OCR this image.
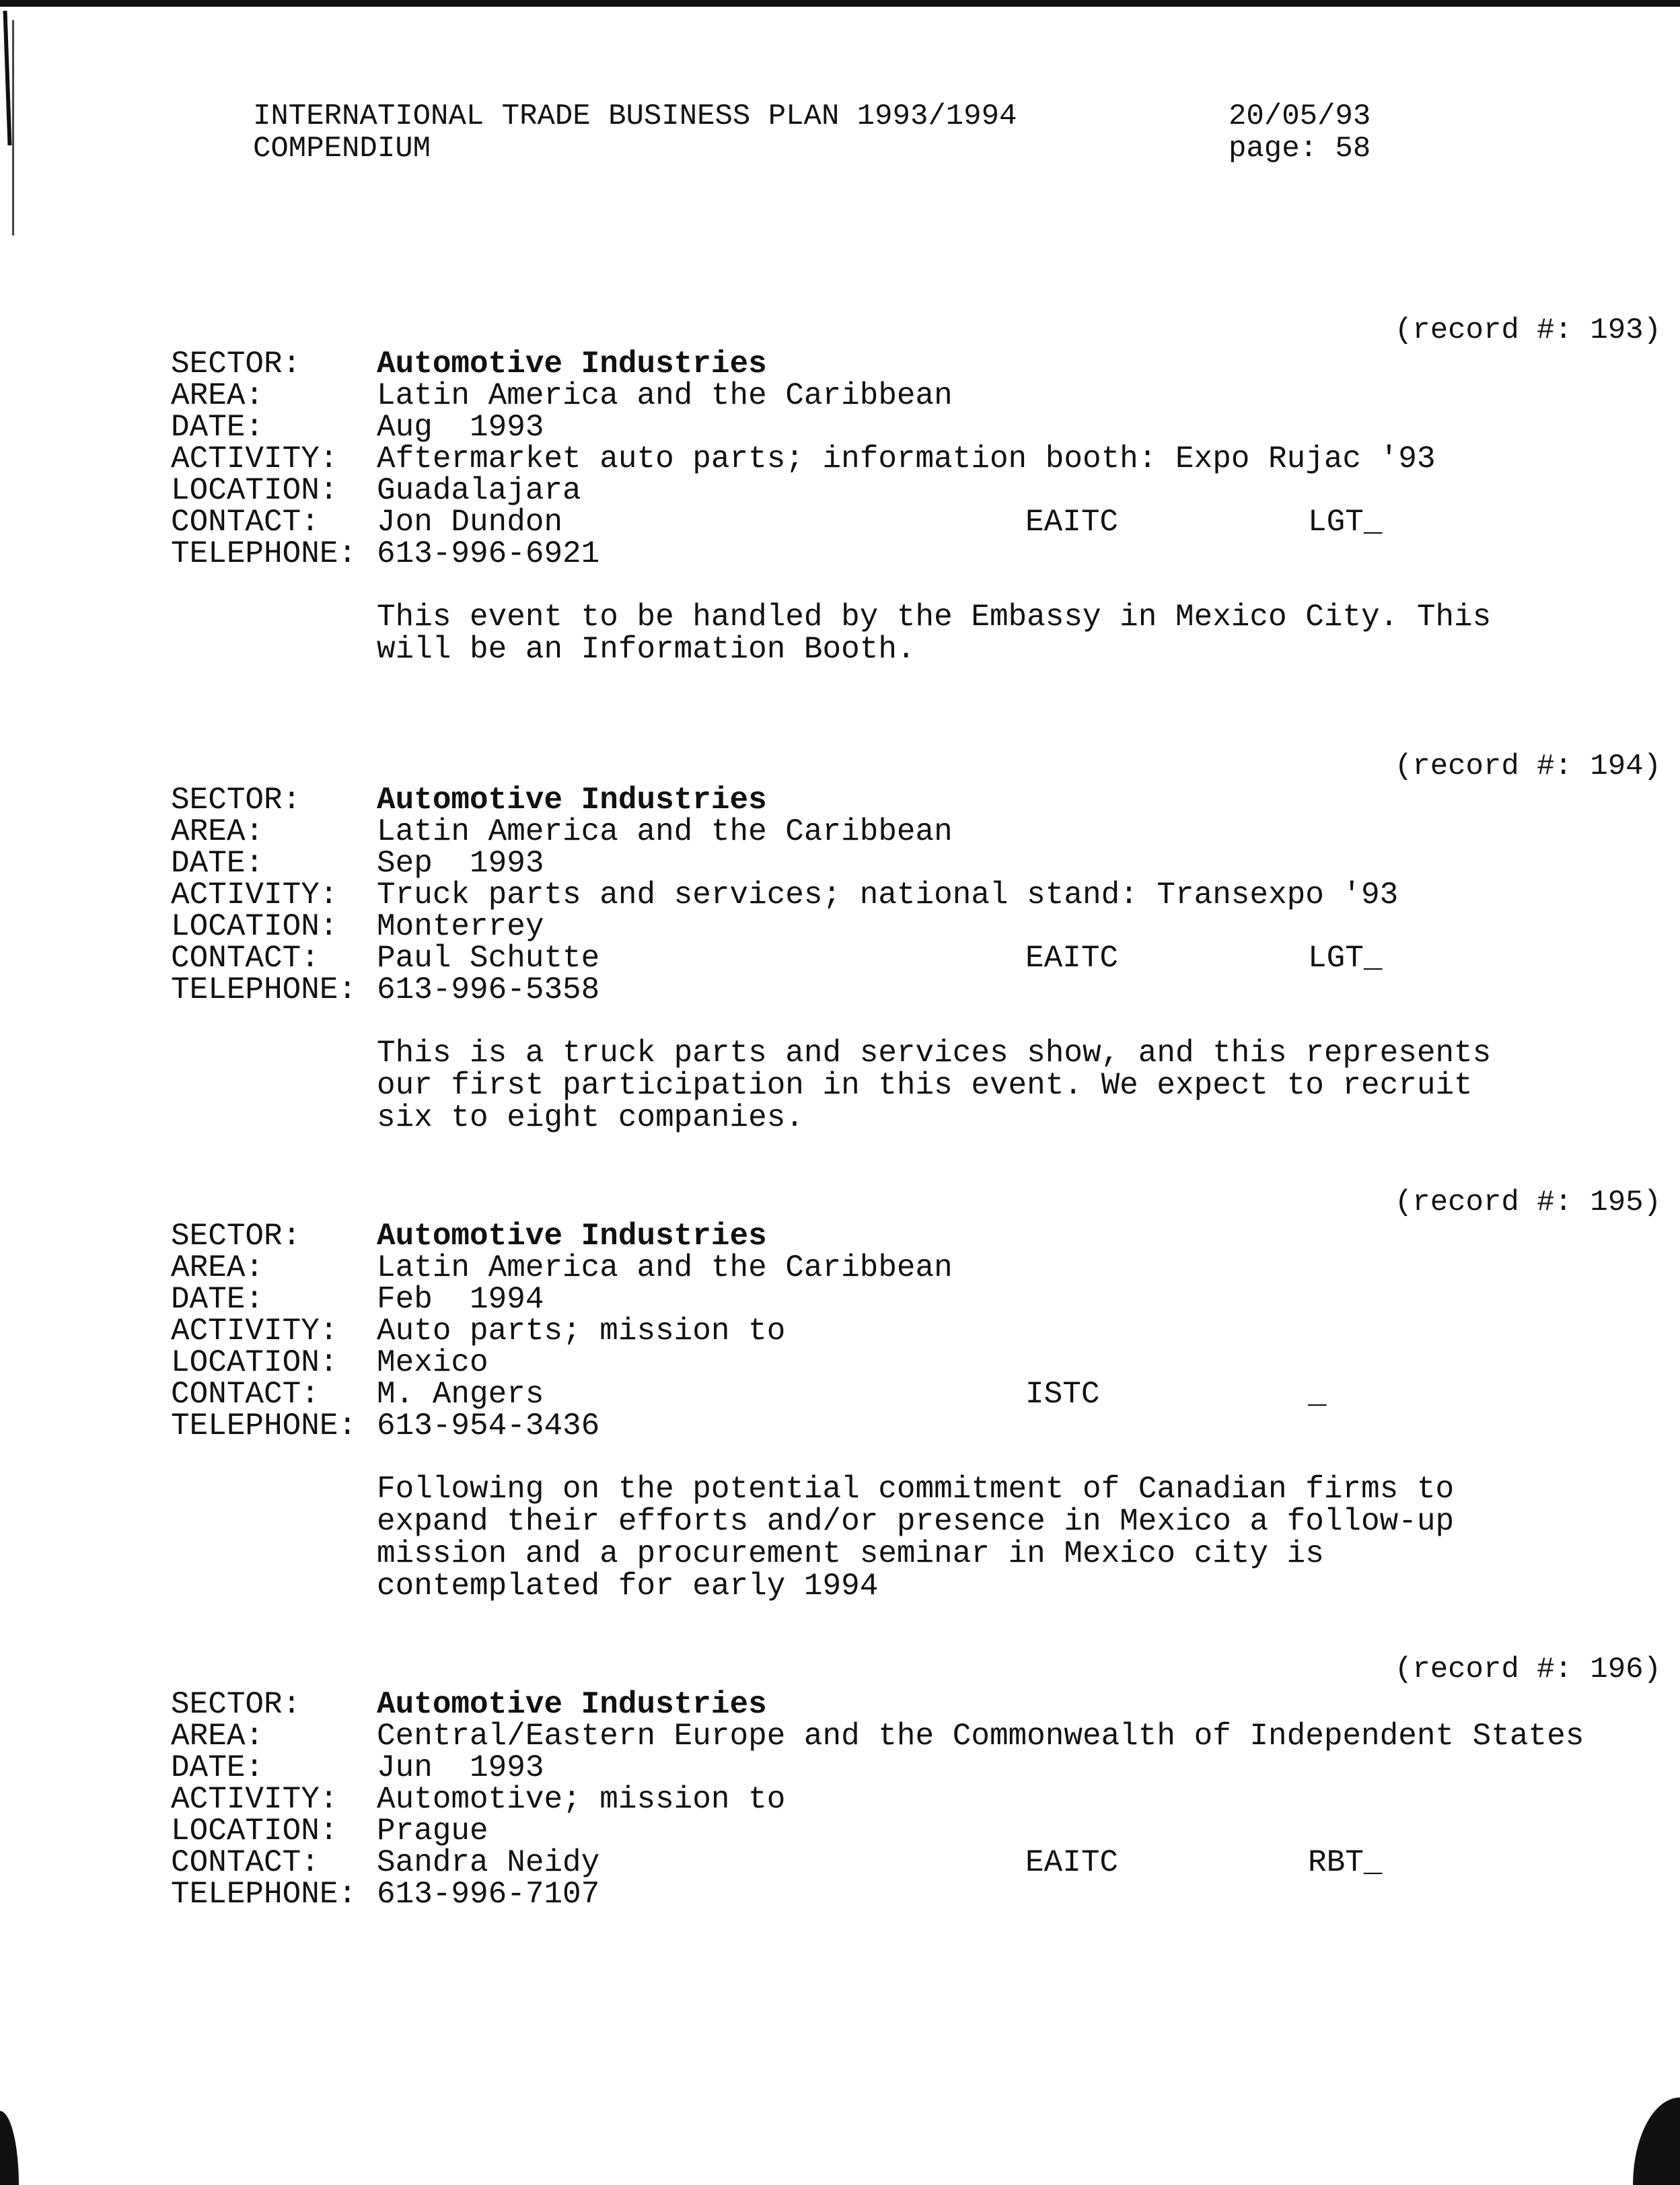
INTERNATIONAL TRADE BUSINESS PLAN 1993/1994
COMPENDIUM
20/05/93
page: 58
(record #: 193)
SECTOR:	Automotive Industries
AREA:	Latin America and the Caribbean
DATE:	Aug  1993
ACTIVITY:	Aftermarket auto parts; information booth: Expo Rujac '93
LOCATION:	Guadalajara
CONTACT:	Jon Dundon	EAITC	LGT_
TELEPHONE: 613-996-6921
This event to be handled by the Embassy in Mexico City. This
will be an Information Booth.
(record #: 194)
SECTOR:	Automotive Industries
AREA:	Latin America and the Caribbean
DATE:	Sep  1993
ACTIVITY:	Truck parts and services; national stand: Transexpo '93
LOCATION:	Monterrey
CONTACT:	Paul Schutte	EAITC	LGT_
TELEPHONE: 613-996-5358
This is a truck parts and services show, and this represents
our first participation in this event. We expect to recruit
six to eight companies.
(record #: 195)
SECTOR:	Automotive Industries
AREA:	Latin America and the Caribbean
DATE:	Feb  1994
ACTIVITY:	Auto parts; mission to
LOCATION:	Mexico
CONTACT:	M. Angers	ISTC	_
TELEPHONE: 613-954-3436
Following on the potential commitment of Canadian firms to
expand their efforts and/or presence in Mexico a follow-up
mission and a procurement seminar in Mexico city is
contemplated for early 1994
(record #: 196)
SECTOR:	Automotive Industries
AREA:	Central/Eastern Europe and the Commonwealth of Independent States
DATE:	Jun  1993
ACTIVITY:	Automotive; mission to
LOCATION:	Prague
CONTACT:	Sandra Neidy	EAITC	RBT_
TELEPHONE: 613-996-7107
